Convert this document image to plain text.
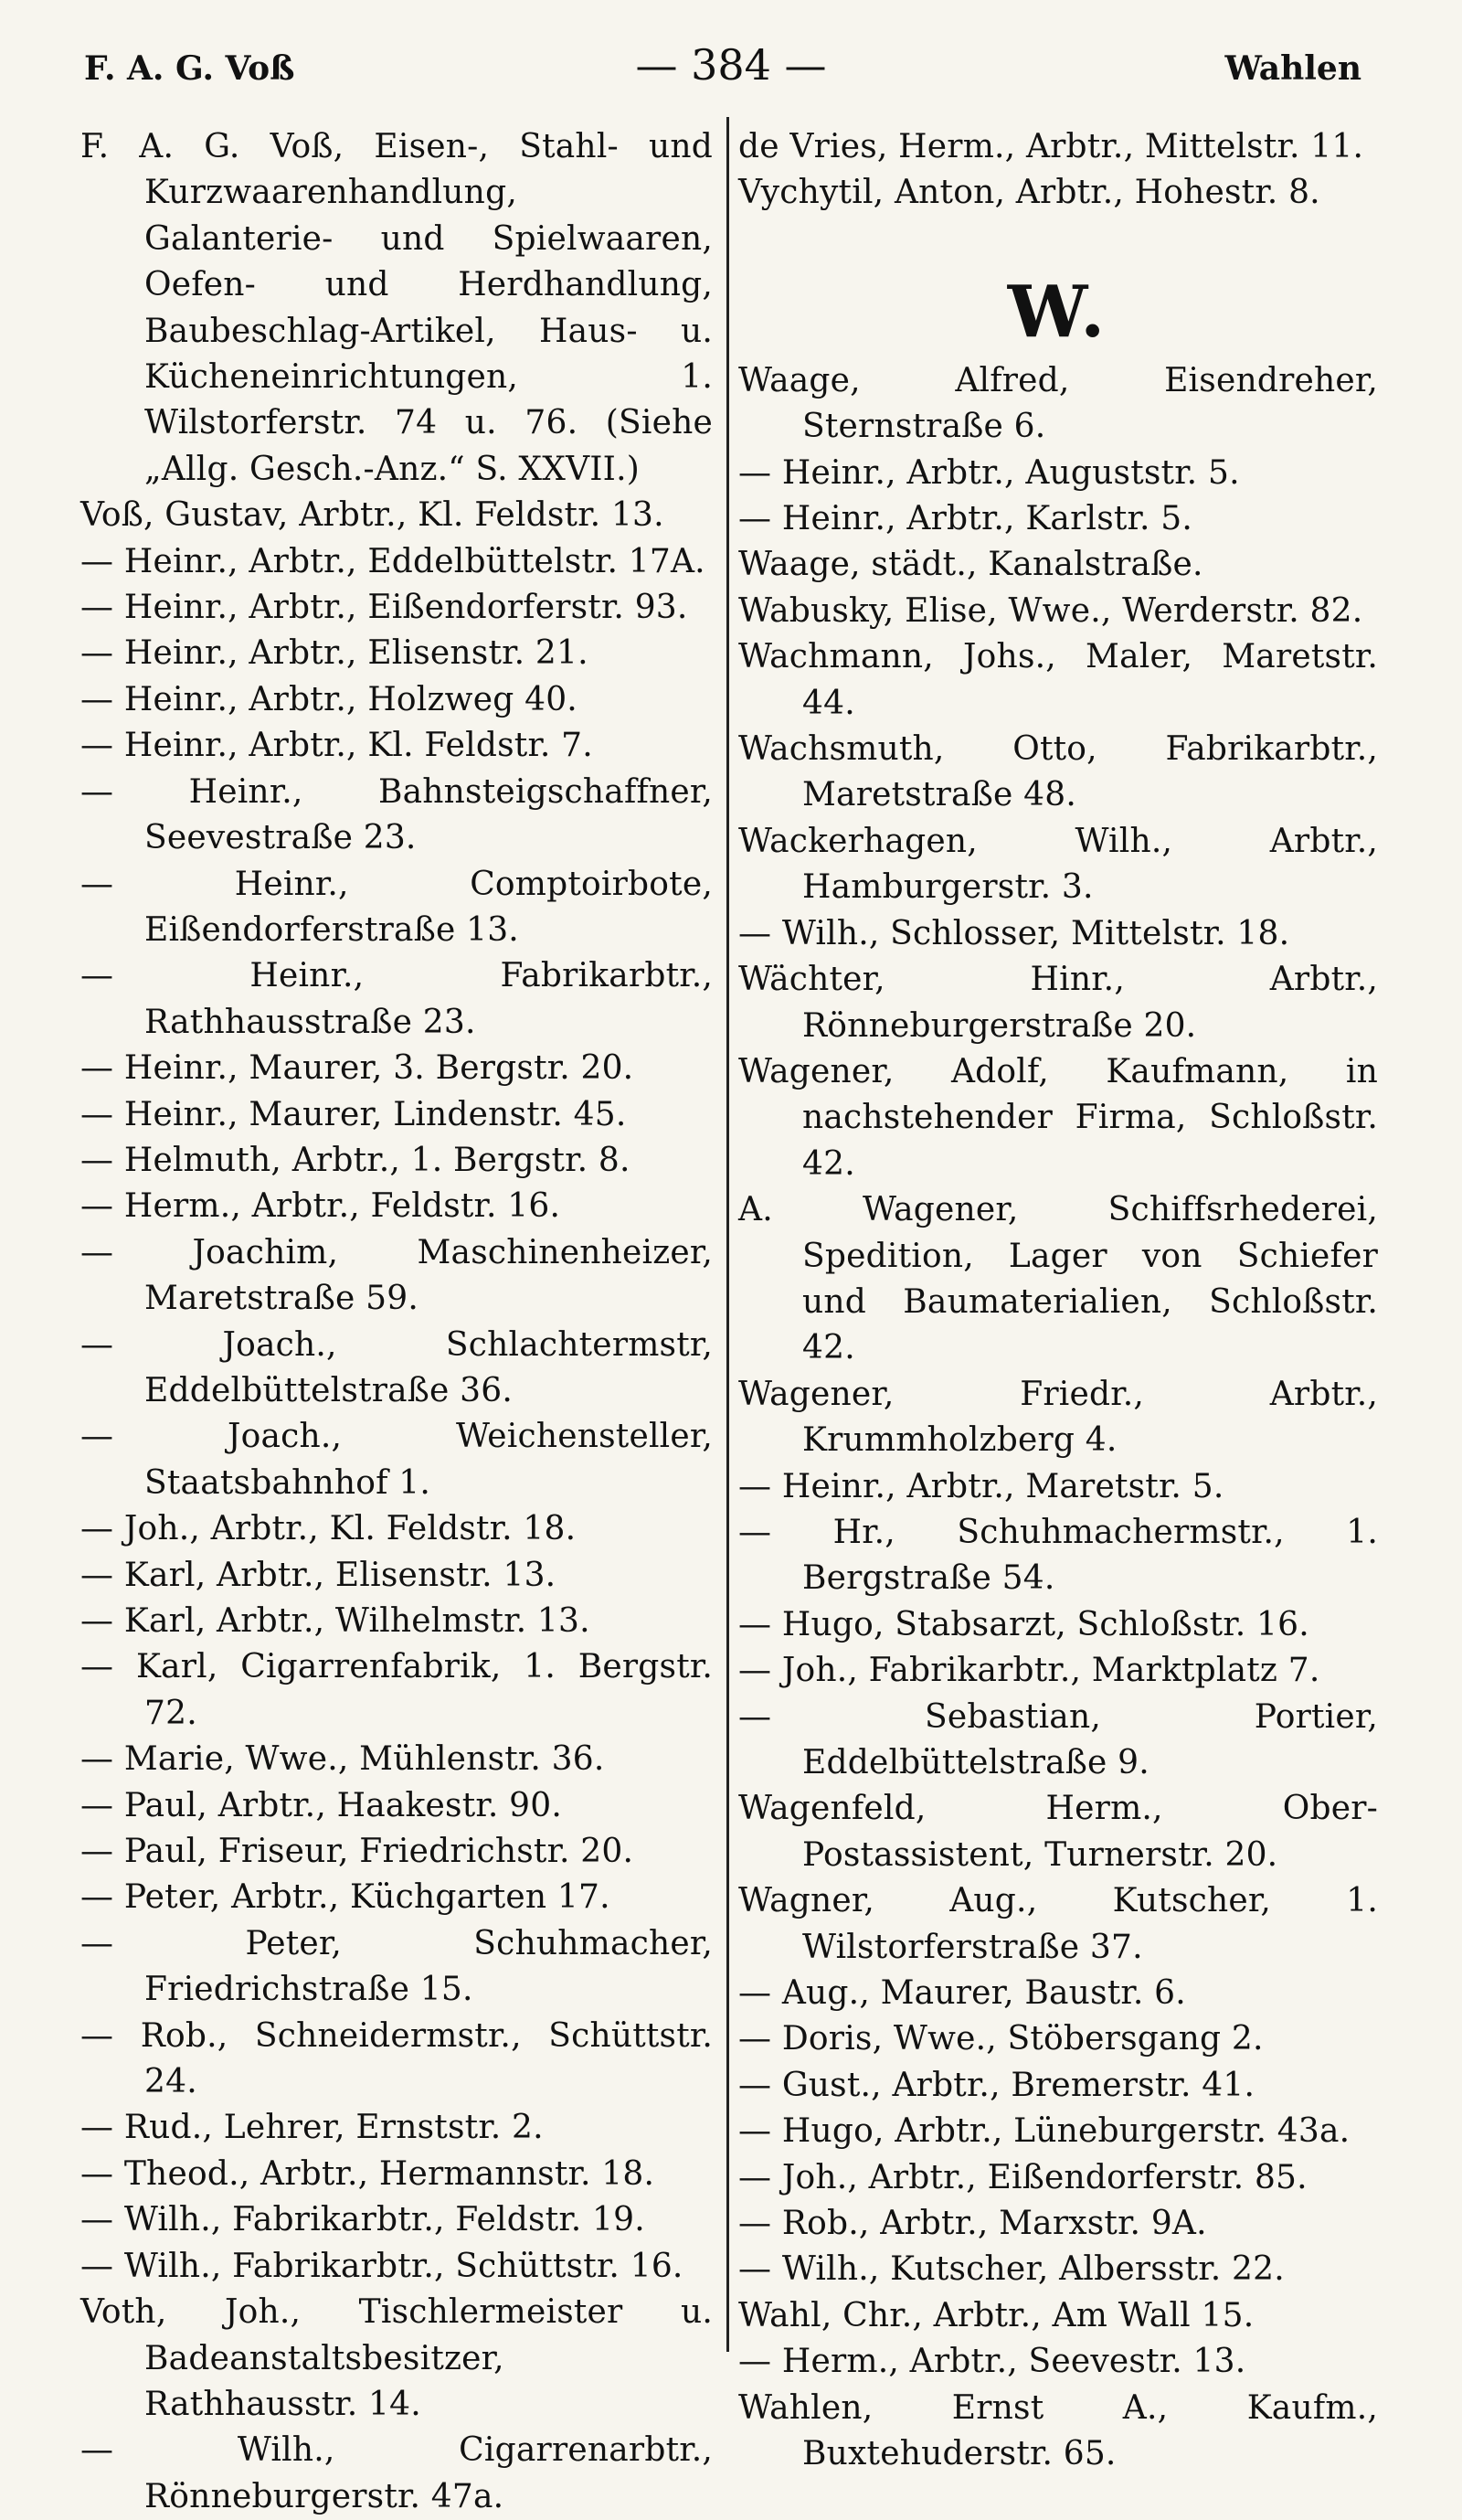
F. A. G. Voß	— 384 —	Wahlen
F. A. G. Voß, Eisen-, Stahl- und Kurzwaarenhandlung, Galanterie- und Spielwaaren, Oefen- und Herdhandlung, Baubeschlag-Artikel, Haus- u. Kücheneinrichtungen, 1. Wilstorferstr. 74 u. 76. (Siehe „Allg. Gesch.-Anz.“ S. XXVII.)
Voß, Gustav, Arbtr., Kl. Feldstr. 13.
— Heinr., Arbtr., Eddelbüttelstr. 17A.
— Heinr., Arbtr., Eißendorferstr. 93.
— Heinr., Arbtr., Elisenstr. 21.
— Heinr., Arbtr., Holzweg 40.
— Heinr., Arbtr., Kl. Feldstr. 7.
— Heinr., Bahnsteigschaffner, Seevestraße 23.
— Heinr., Comptoirbote, Eißendorferstraße 13.
— Heinr., Fabrikarbtr., Rathhausstraße 23.
— Heinr., Maurer, 3. Bergstr. 20.
— Heinr., Maurer, Lindenstr. 45.
— Helmuth, Arbtr., 1. Bergstr. 8.
— Herm., Arbtr., Feldstr. 16.
— Joachim, Maschinenheizer, Maretstraße 59.
— Joach., Schlachtermstr, Eddelbüttelstraße 36.
— Joach., Weichensteller, Staatsbahnhof 1.
— Joh., Arbtr., Kl. Feldstr. 18.
— Karl, Arbtr., Elisenstr. 13.
— Karl, Arbtr., Wilhelmstr. 13.
— Karl, Cigarrenfabrik, 1. Bergstr. 72.
— Marie, Wwe., Mühlenstr. 36.
— Paul, Arbtr., Haakestr. 90.
— Paul, Friseur, Friedrichstr. 20.
— Peter, Arbtr., Küchgarten 17.
— Peter, Schuhmacher, Friedrichstraße 15.
— Rob., Schneidermstr., Schüttstr. 24.
— Rud., Lehrer, Ernststr. 2.
— Theod., Arbtr., Hermannstr. 18.
— Wilh., Fabrikarbtr., Feldstr. 19.
— Wilh., Fabrikarbtr., Schüttstr. 16.
Voth, Joh., Tischlermeister u. Badeanstaltsbesitzer, Rathhausstr. 14.
— Wilh., Cigarrenarbtr., Rönneburgerstr. 47a.
de Vries, Herm., Arbtr., Mittelstr. 11.
Vychytil, Anton, Arbtr., Hohestr. 8.
W.
Waage, Alfred, Eisendreher, Sternstraße 6.
— Heinr., Arbtr., Auguststr. 5.
— Heinr., Arbtr., Karlstr. 5.
Waage, städt., Kanalstraße.
Wabusky, Elise, Wwe., Werderstr. 82.
Wachmann, Johs., Maler, Maretstr. 44.
Wachsmuth, Otto, Fabrikarbtr., Maretstraße 48.
Wackerhagen, Wilh., Arbtr., Hamburgerstr. 3.
— Wilh., Schlosser, Mittelstr. 18.
Wächter, Hinr., Arbtr., Rönneburgerstraße 20.
Wagener, Adolf, Kaufmann, in nachstehender Firma, Schloßstr. 42.
A. Wagener, Schiffsrhederei, Spedition, Lager von Schiefer und Baumaterialien, Schloßstr. 42.
Wagener, Friedr., Arbtr., Krummholzberg 4.
— Heinr., Arbtr., Maretstr. 5.
— Hr., Schuhmachermstr., 1. Bergstraße 54.
— Hugo, Stabsarzt, Schloßstr. 16.
— Joh., Fabrikarbtr., Marktplatz 7.
— Sebastian, Portier, Eddelbüttelstraße 9.
Wagenfeld, Herm., Ober-Postassistent, Turnerstr. 20.
Wagner, Aug., Kutscher, 1. Wilstorferstraße 37.
— Aug., Maurer, Baustr. 6.
— Doris, Wwe., Stöbersgang 2.
— Gust., Arbtr., Bremerstr. 41.
— Hugo, Arbtr., Lüneburgerstr. 43a.
— Joh., Arbtr., Eißendorferstr. 85.
— Rob., Arbtr., Marxstr. 9A.
— Wilh., Kutscher, Albersstr. 22.
Wahl, Chr., Arbtr., Am Wall 15.
— Herm., Arbtr., Seevestr. 13.
Wahlen, Ernst A., Kaufm., Buxtehuderstr. 65.
